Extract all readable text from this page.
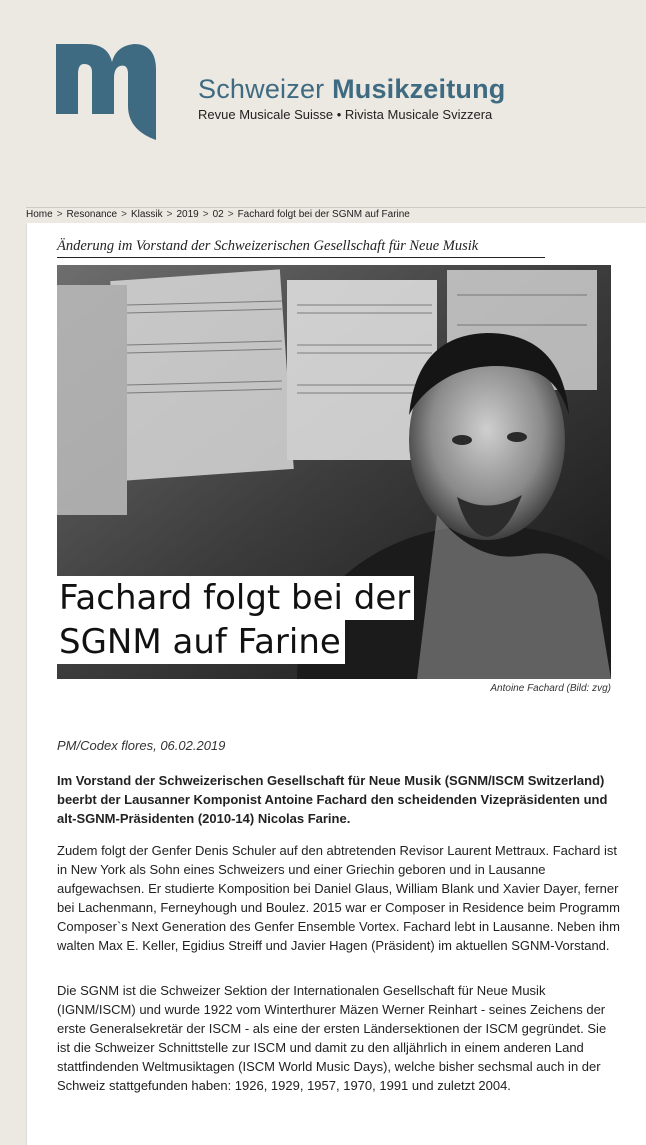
Schweizer Musikzeitung
Revue Musicale Suisse • Rivista Musicale Svizzera
Home > Resonance > Klassik > 2019 > 02 > Fachard folgt bei der SGNM auf Farine
Änderung im Vorstand der Schweizerischen Gesellschaft für Neue Musik
Fachard folgt bei der
SGNM auf Farine
Antoine Fachard (Bild: zvg)
PM/Codex flores, 06.02.2019
Im Vorstand der Schweizerischen Gesellschaft für Neue Musik (SGNM/ISCM Switzerland) beerbt der Lausanner Komponist Antoine Fachard den scheidenden Vizepräsidenten und alt-SGNM-Präsidenten (2010-14) Nicolas Farine.
Zudem folgt der Genfer Denis Schuler auf den abtretenden Revisor Laurent Mettraux. Fachard ist in New York als Sohn eines Schweizers und einer Griechin geboren und in Lausanne aufgewachsen. Er studierte Komposition bei Daniel Glaus, William Blank und Xavier Dayer, ferner bei Lachenmann, Ferneyhough und Boulez. 2015 war er Composer in Residence beim Programm Composer`s Next Generation des Genfer Ensemble Vortex. Fachard lebt in Lausanne. Neben ihm walten Max E. Keller, Egidius Streiff und Javier Hagen (Präsident) im aktuellen SGNM-Vorstand.
Die SGNM ist die Schweizer Sektion der Internationalen Gesellschaft für Neue Musik (IGNM/ISCM) und wurde 1922 vom Winterthurer Mäzen Werner Reinhart - seines Zeichens der erste Generalsekretär der ISCM - als eine der ersten Ländersektionen der ISCM gegründet. Sie ist die Schweizer Schnittstelle zur ISCM und damit zu den alljährlich in einem anderen Land stattfindenden Weltmusiktagen (ISCM World Music Days), welche bisher sechsmal auch in der Schweiz stattgefunden haben: 1926, 1929, 1957, 1970, 1991 und zuletzt 2004.
